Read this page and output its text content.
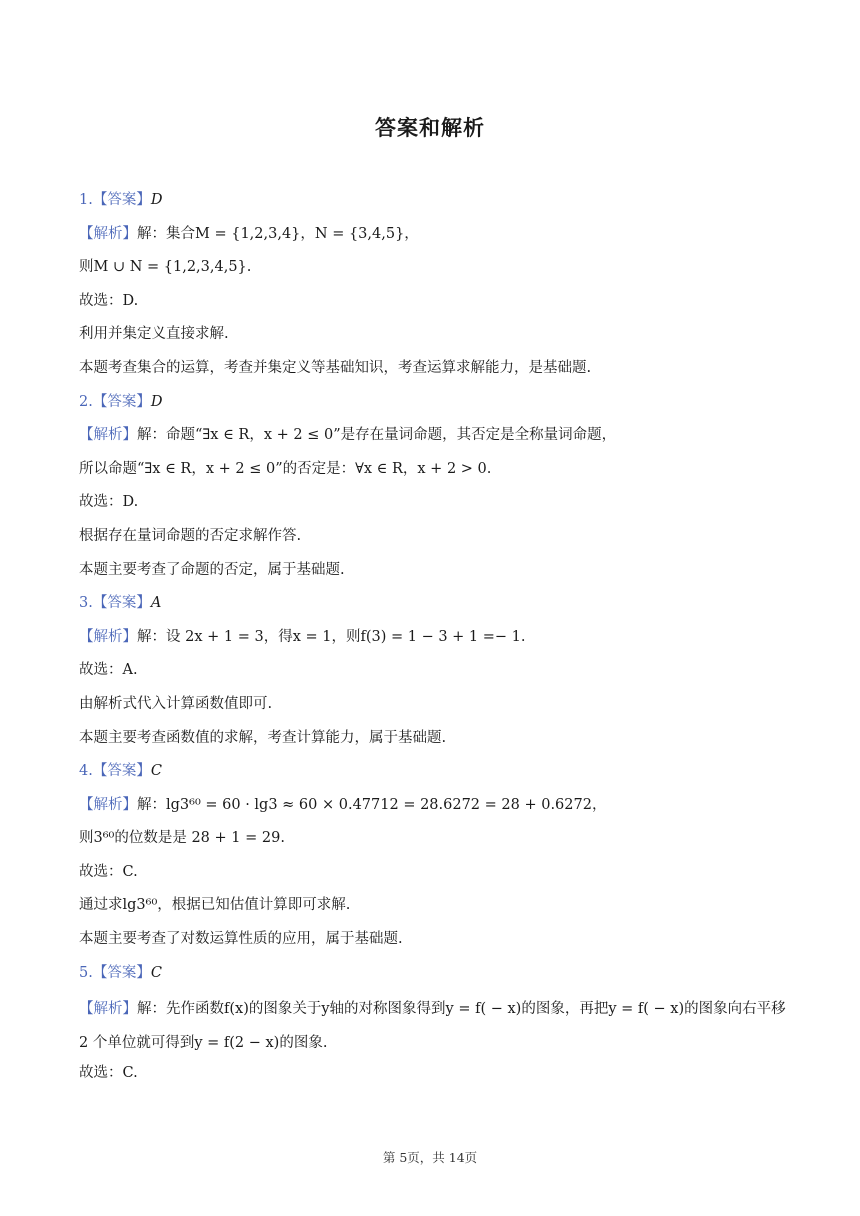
答案和解析
1.【答案】D
【解析】解：集合M = {1,2,3,4}，N = {3,4,5}，
则M ∪ N = {1,2,3,4,5}.
故选：D.
利用并集定义直接求解.
本题考查集合的运算，考查并集定义等基础知识，考查运算求解能力，是基础题.
2.【答案】D
【解析】解：命题“∃x ∈ R，x + 2 ≤ 0”是存在量词命题，其否定是全称量词命题，
所以命题“∃x ∈ R，x + 2 ≤ 0”的否定是：∀x ∈ R，x + 2 > 0.
故选：D.
根据存在量词命题的否定求解作答.
本题主要考查了命题的否定，属于基础题.
3.【答案】A
【解析】解：设 2x + 1 = 3，得x = 1，则f(3) = 1 − 3 + 1 =− 1.
故选：A.
由解析式代入计算函数值即可.
本题主要考查函数值的求解，考查计算能力，属于基础题.
4.【答案】C
【解析】解：lg3⁶⁰ = 60 · lg3 ≈ 60 × 0.47712 = 28.6272 = 28 + 0.6272，
则3⁶⁰的位数是是 28 + 1 = 29.
故选：C.
通过求lg3⁶⁰，根据已知估值计算即可求解.
本题主要考查了对数运算性质的应用，属于基础题.
5.【答案】C
【解析】解：先作函数f(x)的图象关于y轴的对称图象得到y = f( − x)的图象，再把y = f( − x)的图象向右平移 2 个单位就可得到y = f(2 − x)的图象.
故选：C.
第 5页，共 14页
